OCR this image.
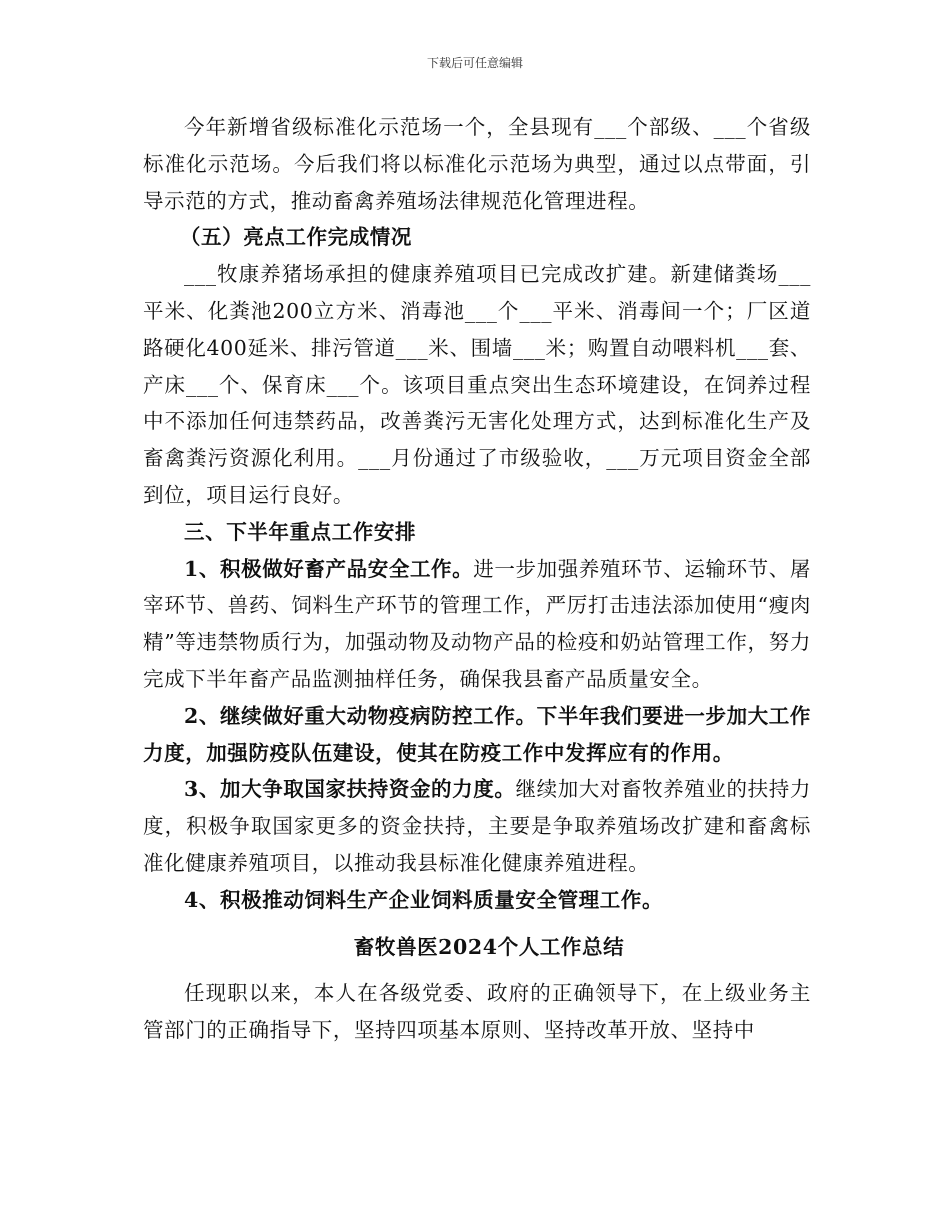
下载后可任意编辑

今年新增省级标准化示范场一个，全县现有___个部级、___个省级标准化示范场。今后我们将以标准化示范场为典型，通过以点带面，引导示范的方式，推动畜禽养殖场法律规范化管理进程。

（五）亮点工作完成情况

___牧康养猪场承担的健康养殖项目已完成改扩建。新建储粪场___平米、化粪池200立方米、消毒池___个___平米、消毒间一个；厂区道路硬化400延米、排污管道___米、围墙___米；购置自动喂料机___套、产床___个、保育床___个。该项目重点突出生态环境建设，在饲养过程中不添加任何违禁药品，改善粪污无害化处理方式，达到标准化生产及畜禽粪污资源化利用。___月份通过了市级验收，___万元项目资金全部到位，项目运行良好。

三、下半年重点工作安排

1、积极做好畜产品安全工作。进一步加强养殖环节、运输环节、屠宰环节、兽药、饲料生产环节的管理工作，严厉打击违法添加使用“瘦肉精”等违禁物质行为，加强动物及动物产品的检疫和奶站管理工作，努力完成下半年畜产品监测抽样任务，确保我县畜产品质量安全。

2、继续做好重大动物疫病防控工作。下半年我们要进一步加大工作力度，加强防疫队伍建设，使其在防疫工作中发挥应有的作用。

3、加大争取国家扶持资金的力度。继续加大对畜牧养殖业的扶持力度，积极争取国家更多的资金扶持，主要是争取养殖场改扩建和畜禽标准化健康养殖项目，以推动我县标准化健康养殖进程。

4、积极推动饲料生产企业饲料质量安全管理工作。

畜牧兽医2024个人工作总结

任现职以来，本人在各级党委、政府的正确领导下，在上级业务主管部门的正确指导下，坚持四项基本原则、坚持改革开放、坚持中
